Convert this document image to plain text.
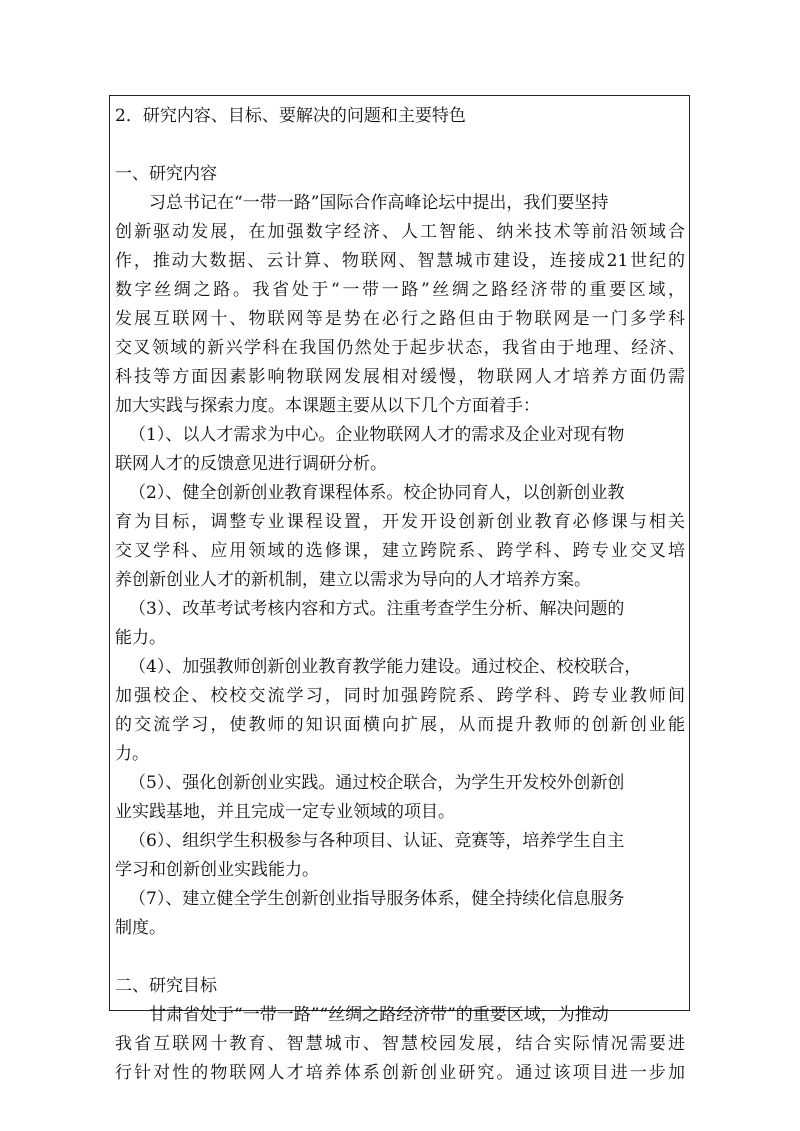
2．研究内容、目标、要解决的问题和主要特色
一、研究内容
习总书记在“一带一路”国际合作高峰论坛中提出，我们要坚持
创新驱动发展，在加强数字经济、人工智能、纳米技术等前沿领域合
作，推动大数据、云计算、物联网、智慧城市建设，连接成21世纪的
数字丝绸之路。我省处于“一带一路”丝绸之路经济带的重要区域，
发展互联网十、物联网等是势在必行之路但由于物联网是一门多学科
交叉领域的新兴学科在我国仍然处于起步状态，我省由于地理、经济、
科技等方面因素影响物联网发展相对缓慢，物联网人才培养方面仍需
加大实践与探索力度。本课题主要从以下几个方面着手：
（1）、以人才需求为中心。企业物联网人才的需求及企业对现有物
联网人才的反馈意见进行调研分析。
（2）、健全创新创业教育课程体系。校企协同育人，以创新创业教
育为目标，调整专业课程设置，开发开设创新创业教育必修课与相关
交叉学科、应用领域的选修课，建立跨院系、跨学科、跨专业交叉培
养创新创业人才的新机制，建立以需求为导向的人才培养方案。
（3）、改革考试考核内容和方式。注重考查学生分析、解决问题的
能力。
（4）、加强教师创新创业教育教学能力建设。通过校企、校校联合，
加强校企、校校交流学习，同时加强跨院系、跨学科、跨专业教师间
的交流学习，使教师的知识面横向扩展，从而提升教师的创新创业能
力。
（5）、强化创新创业实践。通过校企联合，为学生开发校外创新创
业实践基地，并且完成一定专业领域的项目。
（6）、组织学生积极参与各种项目、认证、竞赛等，培养学生自主
学习和创新创业实践能力。
（7）、建立健全学生创新创业指导服务体系，健全持续化信息服务
制度。
二、研究目标
甘肃省处于“一带一路”“丝绸之路经济带”的重要区域，为推动
我省互联网十教育、智慧城市、智慧校园发展，结合实际情况需要进
行针对性的物联网人才培养体系创新创业研究。通过该项目进一步加
